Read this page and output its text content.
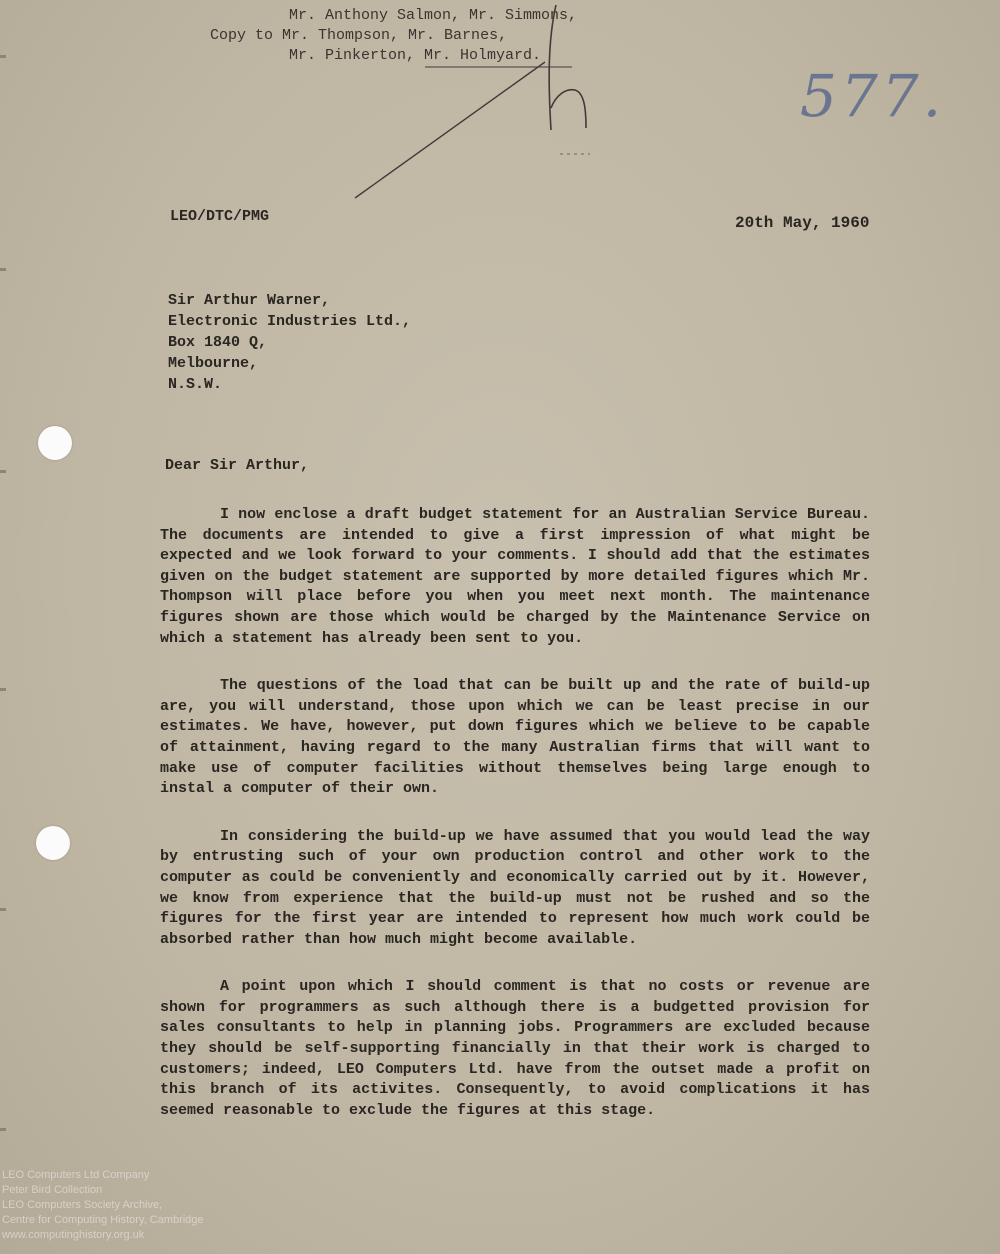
Mr. Anthony Salmon, Mr. Simmons,
Copy to Mr. Thompson, Mr. Barnes,
Mr. Pinkerton, Mr. Holmyard.
577.
LEO/DTC/PMG	20th May, 1960
Sir Arthur Warner,
Electronic Industries Ltd.,
Box 1840 Q,
Melbourne,
N.S.W.
Dear Sir Arthur,

I now enclose a draft budget statement for an Australian Service Bureau. The documents are intended to give a first impression of what might be expected and we look forward to your comments. I should add that the estimates given on the budget statement are supported by more detailed figures which Mr. Thompson will place before you when you meet next month. The maintenance figures shown are those which would be charged by the Maintenance Service on which a statement has already been sent to you.

The questions of the load that can be built up and the rate of build-up are, you will understand, those upon which we can be least precise in our estimates. We have, however, put down figures which we believe to be capable of attainment, having regard to the many Australian firms that will want to make use of computer facilities without themselves being large enough to instal a computer of their own.

In considering the build-up we have assumed that you would lead the way by entrusting such of your own production control and other work to the computer as could be conveniently and economically carried out by it. However, we know from experience that the build-up must not be rushed and so the figures for the first year are intended to represent how much work could be absorbed rather than how much might become available.

A point upon which I should comment is that no costs or revenue are shown for programmers as such although there is a budgetted provision for sales consultants to help in planning jobs. Programmers are excluded because they should be self-supporting financially in that their work is charged to customers; indeed, LEO Computers Ltd. have from the outset made a profit on this branch of its activites. Consequently, to avoid complications it has seemed reasonable to exclude the figures at this stage.

LEO Computers Ltd Company
Peter Bird Collection
LEO Computers Society Archive,
Centre for Computing History, Cambridge
www.computinghistory.org.uk
